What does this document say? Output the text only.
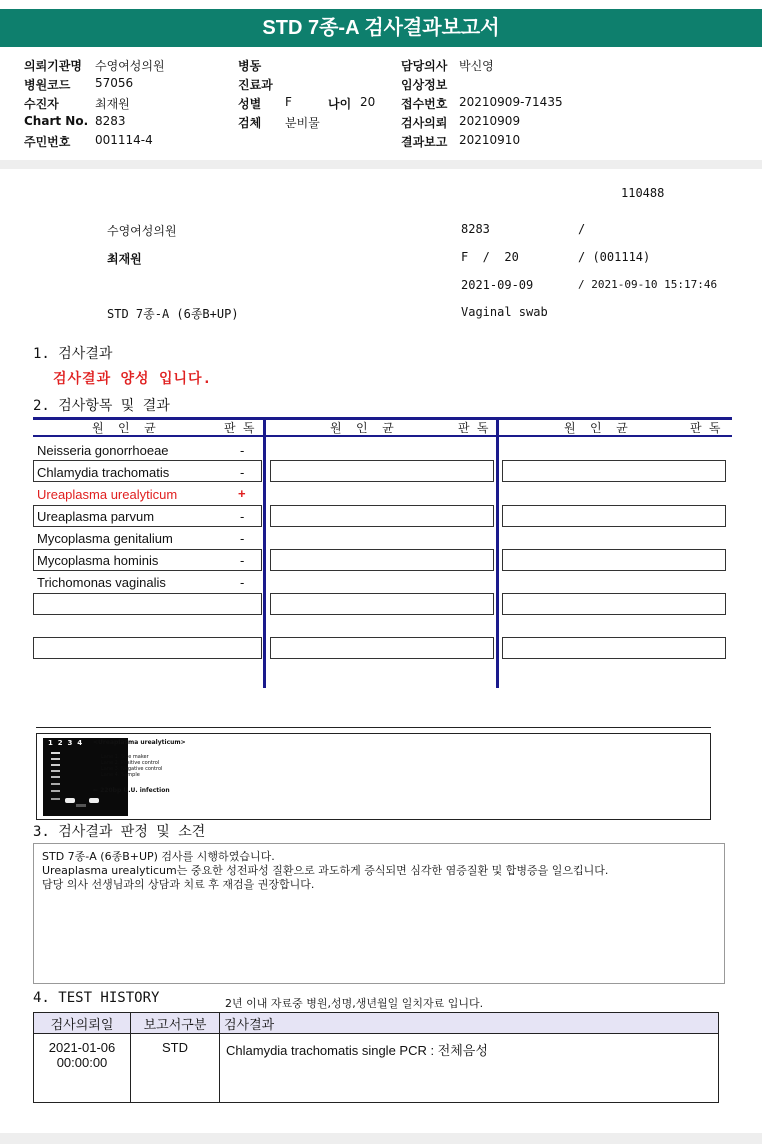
STD 7종-A 검사결과보고서
의뢰기관명 수영여성의원
병원코드 57056
수진자	최재원
Chart No. 8283
주민번호 001114-4
병동
진료과
성별 F	나이 20
검체 분비물
담당의사 박신영
임상정보
접수번호 20210909-71435
검사의뢰 20210909
결과보고 20210910
110488
수영여성의원	8283	/
최재원	F  /  20	/ (001114)
2021-09-09	/ 2021-09-10 15:17:46
STD 7종-A (6종B+UP)	Vaginal swab
1. 검사결과
검사결과 양성 입니다.
2. 검사항목 및 결과
원  인  균	판 독	원  인  균	판 독	원  인  균	판 독
Neisseria gonorrhoeae	-
Chlamydia trachomatis	-
Ureaplasma urealyticum	+
Ureaplasma parvum	-
Mycoplasma genitalium	-
Mycoplasma hominis	-
Trichomonas vaginalis	-
1  2  3  4 <Ureaplasma urealyticum>
Lane 1. Size maker
Lane 2. Positive control
Lane 3. Negative control
Lane 4. Sample
← 220bp U.U. infection
3. 검사결과 판정 및 소견
STD 7종-A (6종B+UP) 검사를 시행하였습니다.
Ureaplasma urealyticum는 중요한 성전파성 질환으로 과도하게 증식되면 심각한 염증질환 및 합병증을 일으킵니다.
담당 의사 선생님과의 상담과 치료 후 재검을 권장합니다.
4. TEST HISTORY	2년 이내 자료중 병원,성명,생년월일 일치자료 입니다.
검사의뢰일	보고서구분	검사결과

2021-01-06
00:00:00	STD	Chlamydia trachomatis single PCR : 전체음성
